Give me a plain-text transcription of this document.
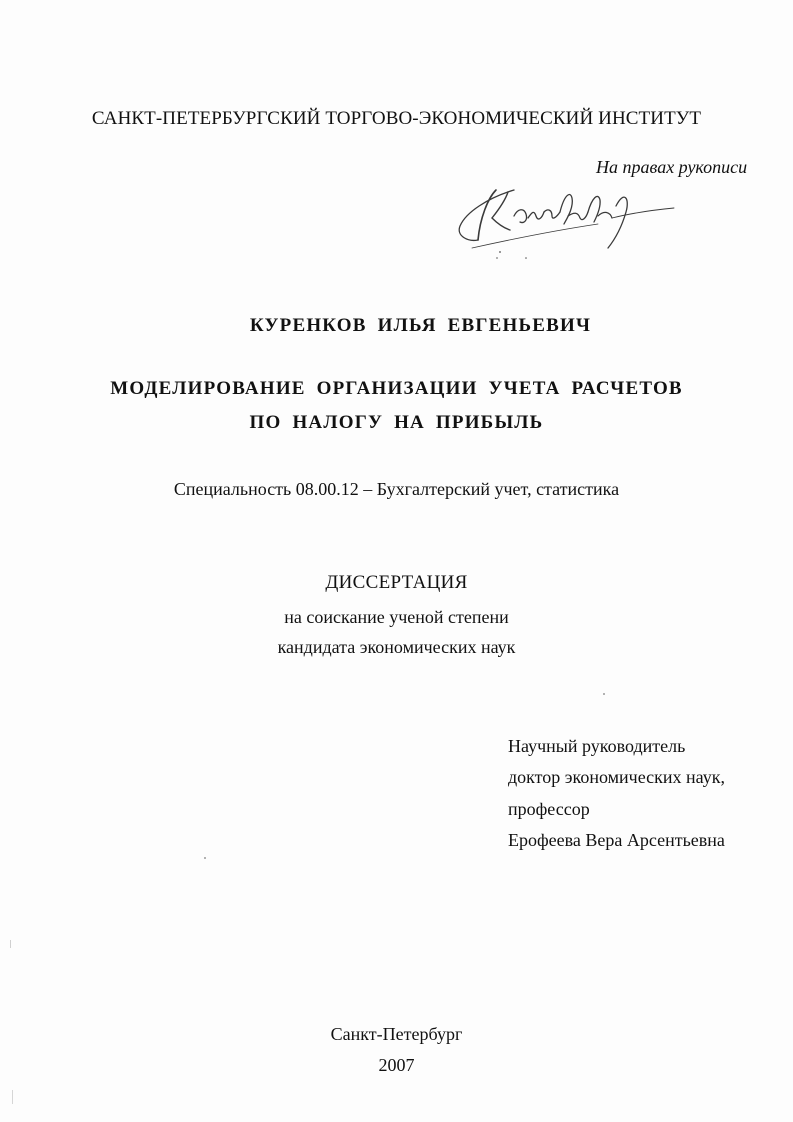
САНКТ-ПЕТЕРБУРГСКИЙ ТОРГОВО-ЭКОНОМИЧЕСКИЙ ИНСТИТУТ
На правах рукописи
КУРЕНКОВ ИЛЬЯ ЕВГЕНЬЕВИЧ
МОДЕЛИРОВАНИЕ ОРГАНИЗАЦИИ УЧЕТА РАСЧЕТОВ
ПО НАЛОГУ НА ПРИБЫЛЬ
Специальность 08.00.12 – Бухгалтерский учет, статистика
ДИССЕРТАЦИЯ
на соискание ученой степени
кандидата экономических наук
Научный руководитель
доктор экономических наук,
профессор
Ерофеева Вера Арсентьевна
Санкт-Петербург
2007
